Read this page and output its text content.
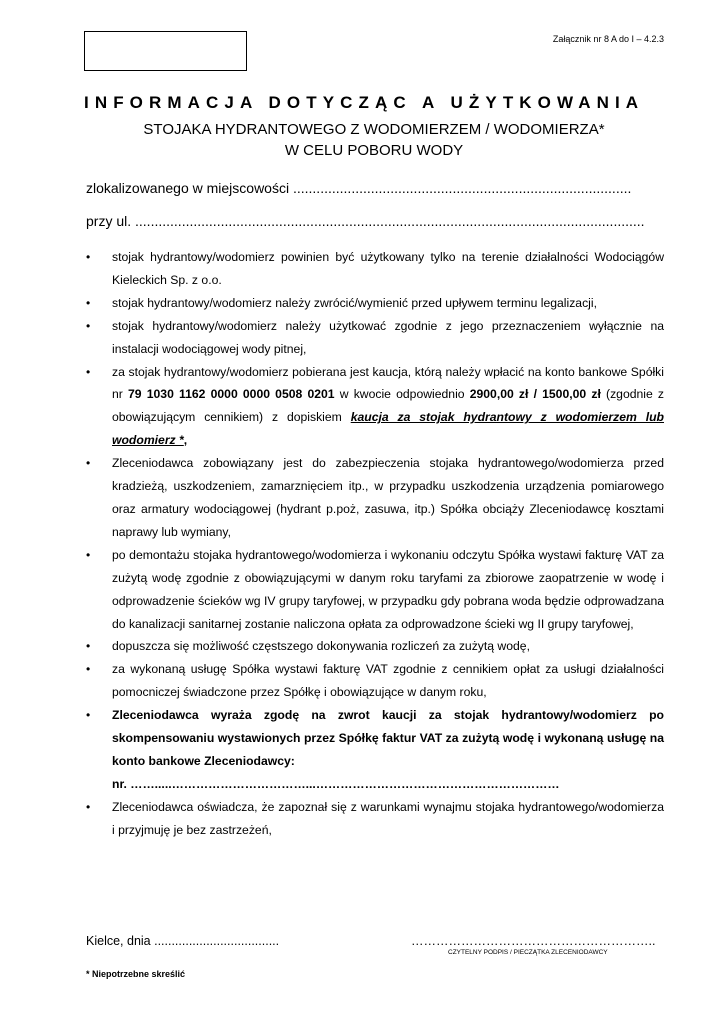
Załącznik nr 8 A do I – 4.2.3
INFORMACJA DOTYCZĄC A UŻYTKOWANIA
STOJAKA HYDRANTOWEGO Z WODOMIERZEM / WODOMIERZA*
W CELU POBORU WODY
zlokalizowanego w miejscowości .......................................................................................
przy ul. ...................................................................................................................................
• stojak hydrantowy/wodomierz powinien być użytkowany tylko na terenie działalności Wodociągów Kieleckich Sp. z o.o.
• stojak hydrantowy/wodomierz należy zwrócić/wymienić przed upływem terminu legalizacji,
• stojak hydrantowy/wodomierz należy użytkować zgodnie z jego przeznaczeniem wyłącznie na instalacji wodociągowej wody pitnej,
• za stojak hydrantowy/wodomierz pobierana jest kaucja, którą należy wpłacić na konto bankowe Spółki nr 79 1030 1162 0000 0000 0508 0201 w kwocie odpowiednio 2900,00 zł / 1500,00 zł (zgodnie z obowiązującym cennikiem) z dopiskiem kaucja za stojak hydrantowy z wodomierzem lub wodomierz *,
• Zleceniodawca zobowiązany jest do zabezpieczenia stojaka hydrantowego/wodomierza przed kradzieżą, uszkodzeniem, zamarznięciem itp., w przypadku uszkodzenia urządzenia pomiarowego oraz armatury wodociągowej (hydrant p.poż, zasuwa, itp.) Spółka obciąży Zleceniodawcę kosztami naprawy lub wymiany,
• po demontażu stojaka hydrantowego/wodomierza i wykonaniu odczytu Spółka wystawi fakturę VAT za zużytą wodę zgodnie z obowiązującymi w danym roku taryfami za zbiorowe zaopatrzenie w wodę i odprowadzenie ścieków wg IV grupy taryfowej, w przypadku gdy pobrana woda będzie odprowadzana do kanalizacji sanitarnej zostanie naliczona opłata za odprowadzone ścieki wg II grupy taryfowej,
• dopuszcza się możliwość częstszego dokonywania rozliczeń za zużytą wodę,
• za wykonaną usługę Spółka wystawi fakturę VAT zgodnie z cennikiem opłat za usługi działalności pomocniczej świadczone przez Spółkę i obowiązujące w danym roku,
• Zleceniodawca wyraża zgodę na zwrot kaucji za stojak hydrantowy/wodomierz po skompensowaniu wystawionych przez Spółkę faktur VAT za zużytą wodę i wykonaną usługę na konto bankowe Zleceniodawcy:
nr. …….....……………………………...……………………………………………………
• Zleceniodawca oświadcza, że zapoznał się z warunkami wynajmu stojaka hydrantowego/wodomierza i przyjmuję je bez zastrzeżeń,
Kielce, dnia ....................................	…………………………………………………..
CZYTELNY PODPIS / PIECZĄTKA ZLECENIODAWCY
* Niepotrzebne skreślić
